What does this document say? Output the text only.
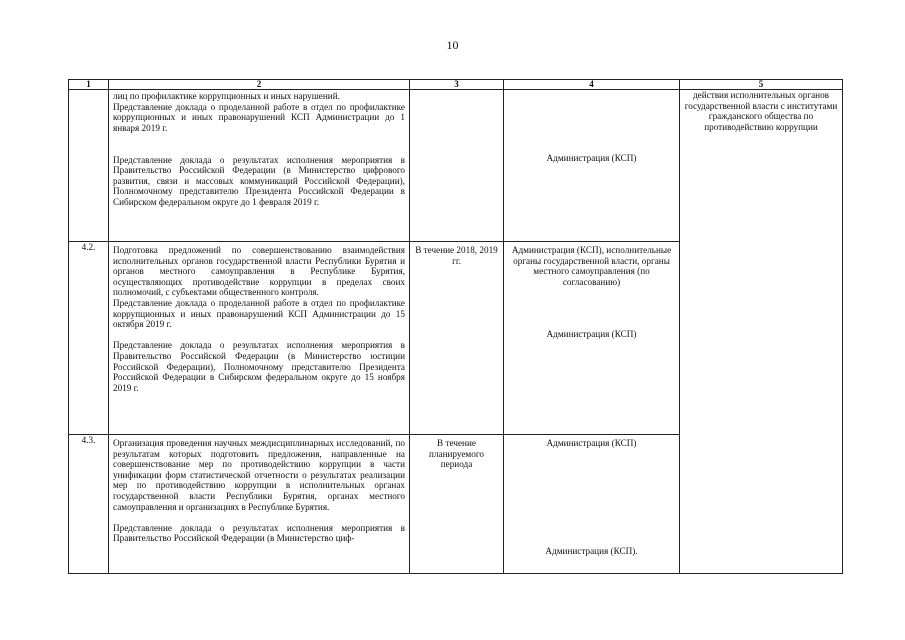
10
1	2	3	4	5

	лиц по профилактике коррупционных и иных нарушений.
Представление доклада о проделанной работе в отдел по профилактике коррупционных и иных правонарушений КСП Администрации до 1 января 2019 г.
Представление доклада о результатах исполнения мероприятия в Правительство Российской Федерации (в Министерство цифрового развития, связи и массовых коммуникаций Российской Федерации), Полномочному представителю Президента Российской Федерации в Сибирском федеральном округе до 1 февраля 2019 г.		Администрация (КСП)	действия исполнительных органов государственной власти с институтами гражданского общества по противодействию коррупции

4.2.	Подготовка предложений по совершенствованию взаимодействия исполнительных органов государственной власти Республики Бурятия и органов местного самоуправления в Республике Бурятия, осуществляющих противодействие коррупции в пределах своих полномочий, с субъектами общественного контроля.
Представление доклада о проделанной работе в отдел по профилактике коррупционных и иных правонарушений КСП Администрации до 15 октября 2019 г.
Представление доклада о результатах исполнения мероприятия в Правительство Российской Федерации (в Министерство юстиции Российской Федерации), Полномочному представителю Президента Российской Федерации в Сибирском федеральном округе до 15 ноября 2019 г.	В течение 2018, 2019 гг.	Администрация (КСП), исполнительные органы государственной власти, органы местного самоуправления (по согласованию)
Администрация (КСП)	

4.3.	Организация проведения научных междисциплинарных исследований, по результатам которых подготовить предложения, направленные на совершенствование мер по противодействию коррупции в части унификации форм статистической отчетности о результатах реализации мер по противодействию коррупции в исполнительных органах государственной власти Республики Бурятия, органах местного самоуправления и организациях в Республике Бурятия.
Представление доклада о результатах исполнения мероприятия в Правительство Российской Федерации (в Министерство циф-	В течение планируемого периода	Администрация (КСП)
Администрация (КСП).	
